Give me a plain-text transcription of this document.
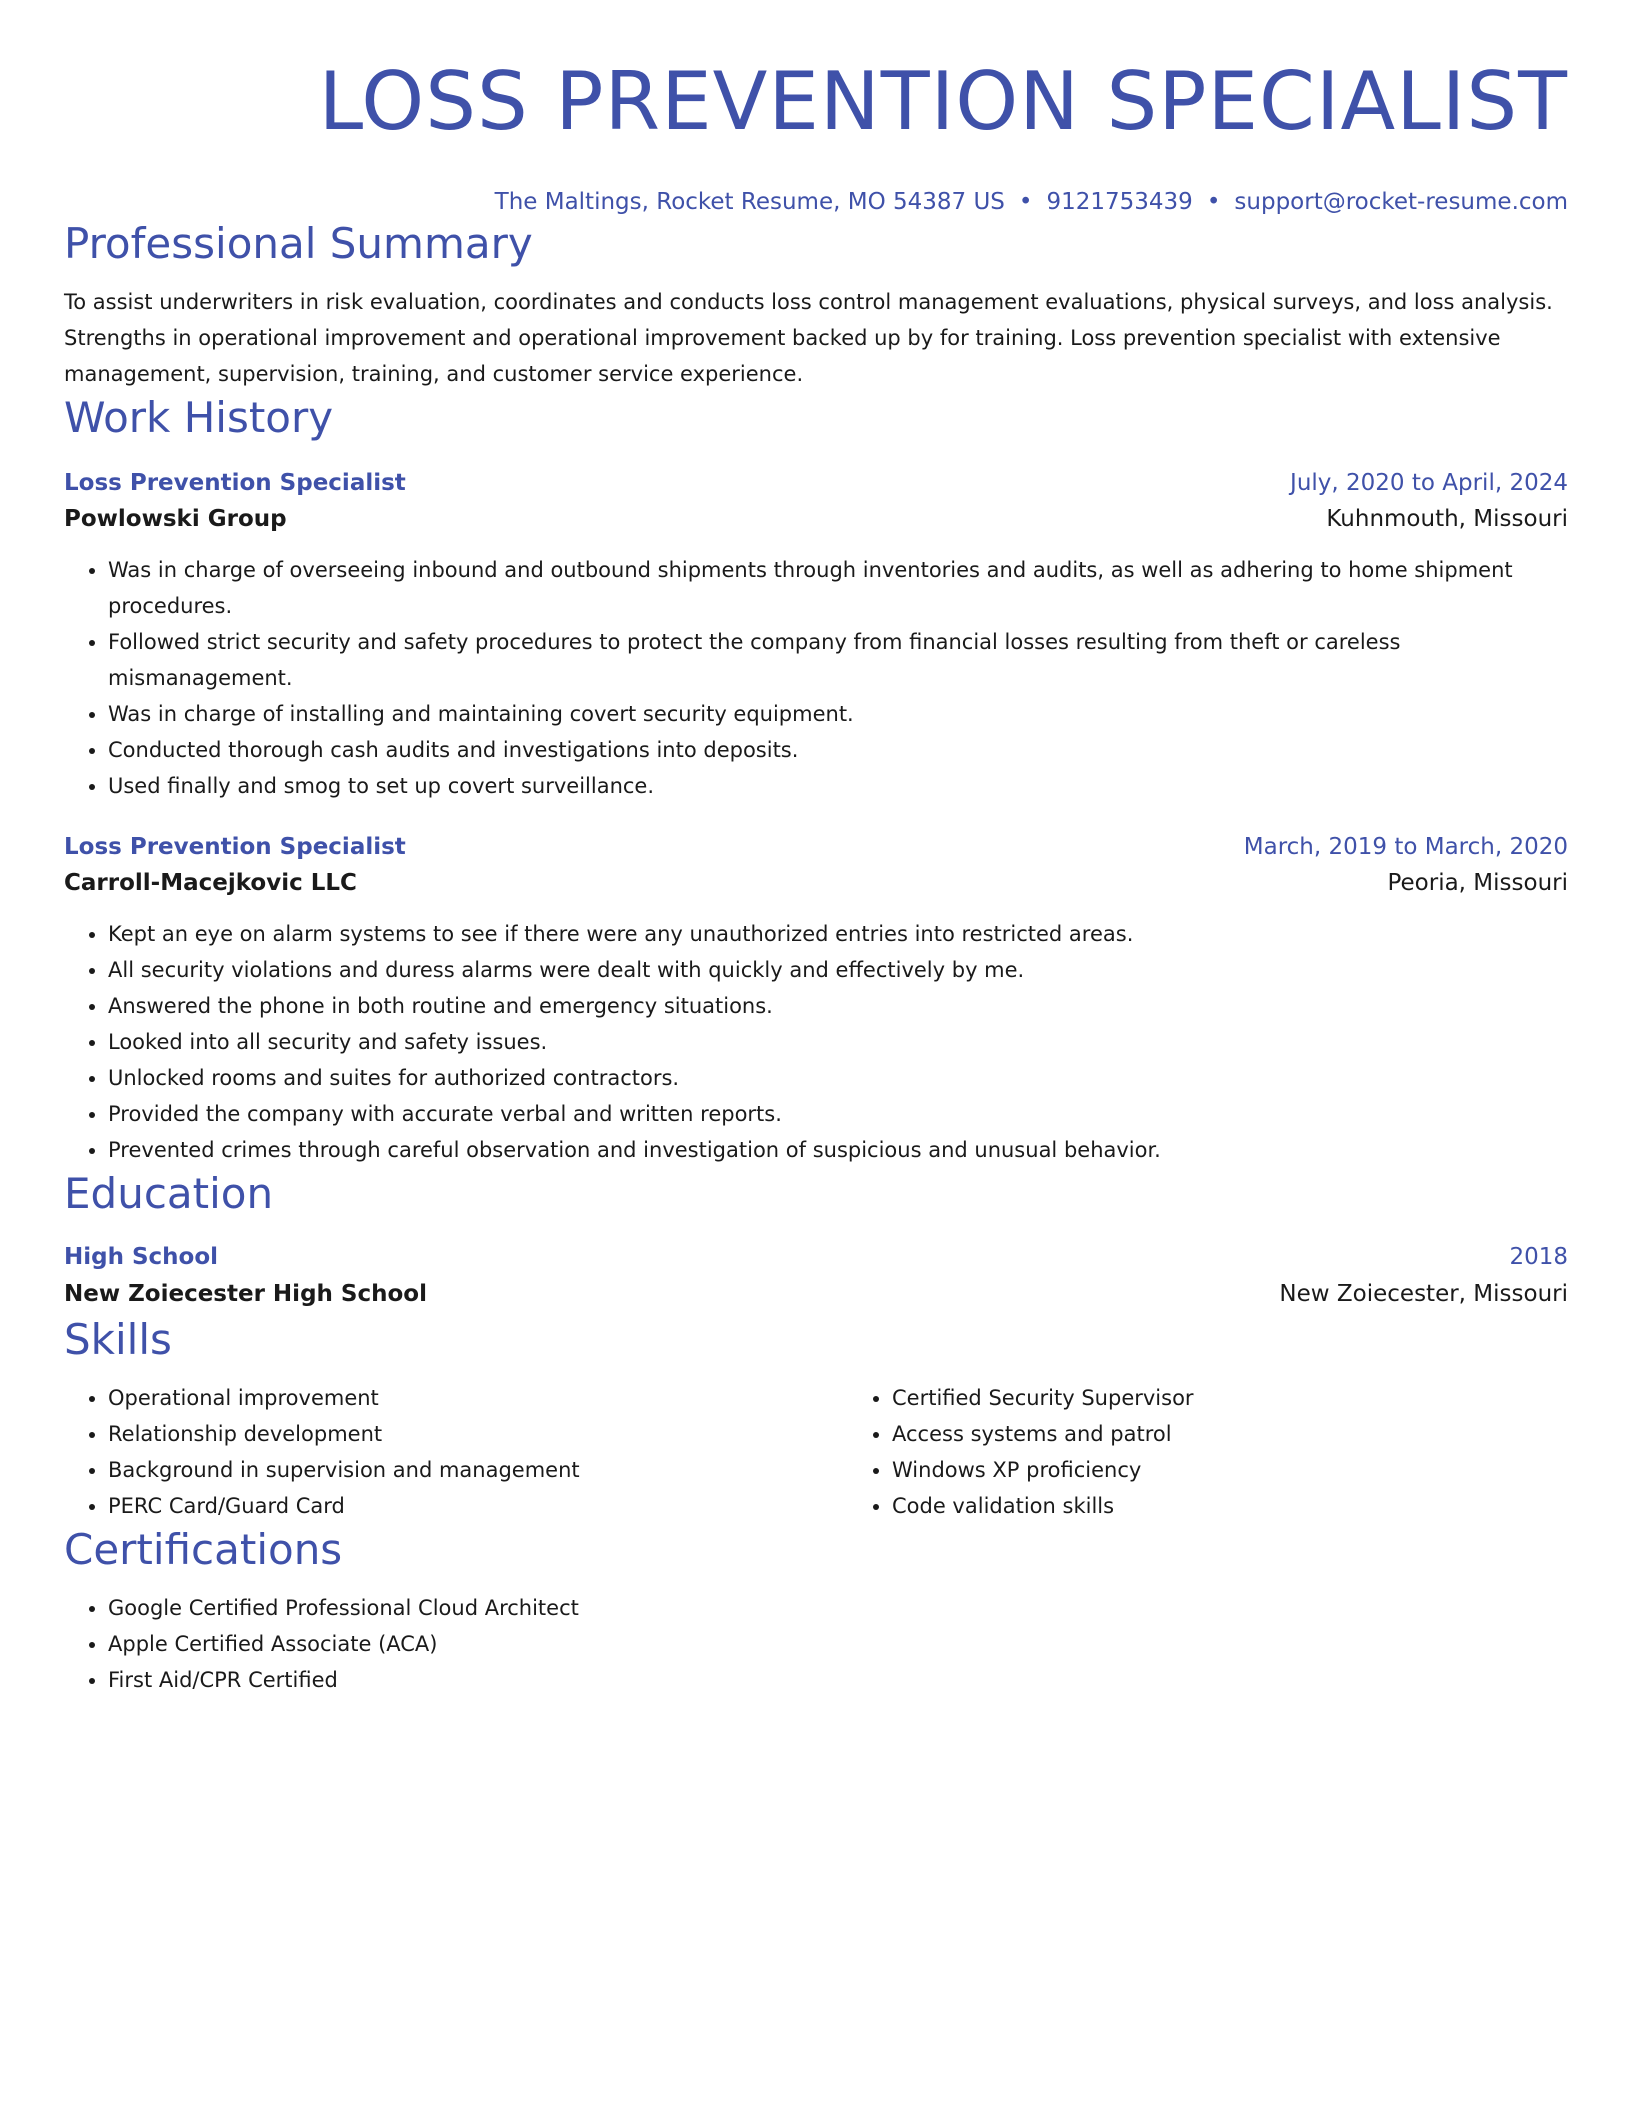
LOSS PREVENTION SPECIALIST
The Maltings, Rocket Resume, MO 54387 US • 9121753439 • support@rocket-resume.com
Professional Summary
To assist underwriters in risk evaluation, coordinates and conducts loss control management evaluations, physical surveys, and loss analysis. Strengths in operational improvement and operational improvement backed up by for training. Loss prevention specialist with extensive management, supervision, training, and customer service experience.
Work History
Loss Prevention Specialist	July, 2020 to April, 2024
Powlowski Group	Kuhnmouth, Missouri
• Was in charge of overseeing inbound and outbound shipments through inventories and audits, as well as adhering to home shipment procedures.
• Followed strict security and safety procedures to protect the company from financial losses resulting from theft or careless mismanagement.
• Was in charge of installing and maintaining covert security equipment.
• Conducted thorough cash audits and investigations into deposits.
• Used finally and smog to set up covert surveillance.
Loss Prevention Specialist	March, 2019 to March, 2020
Carroll-Macejkovic LLC	Peoria, Missouri
• Kept an eye on alarm systems to see if there were any unauthorized entries into restricted areas.
• All security violations and duress alarms were dealt with quickly and effectively by me.
• Answered the phone in both routine and emergency situations.
• Looked into all security and safety issues.
• Unlocked rooms and suites for authorized contractors.
• Provided the company with accurate verbal and written reports.
• Prevented crimes through careful observation and investigation of suspicious and unusual behavior.
Education
High School	2018
New Zoiecester High School	New Zoiecester, Missouri
Skills
• Operational improvement
• Relationship development
• Background in supervision and management
• PERC Card/Guard Card
• Certified Security Supervisor
• Access systems and patrol
• Windows XP proficiency
• Code validation skills
Certifications
• Google Certified Professional Cloud Architect
• Apple Certified Associate (ACA)
• First Aid/CPR Certified
